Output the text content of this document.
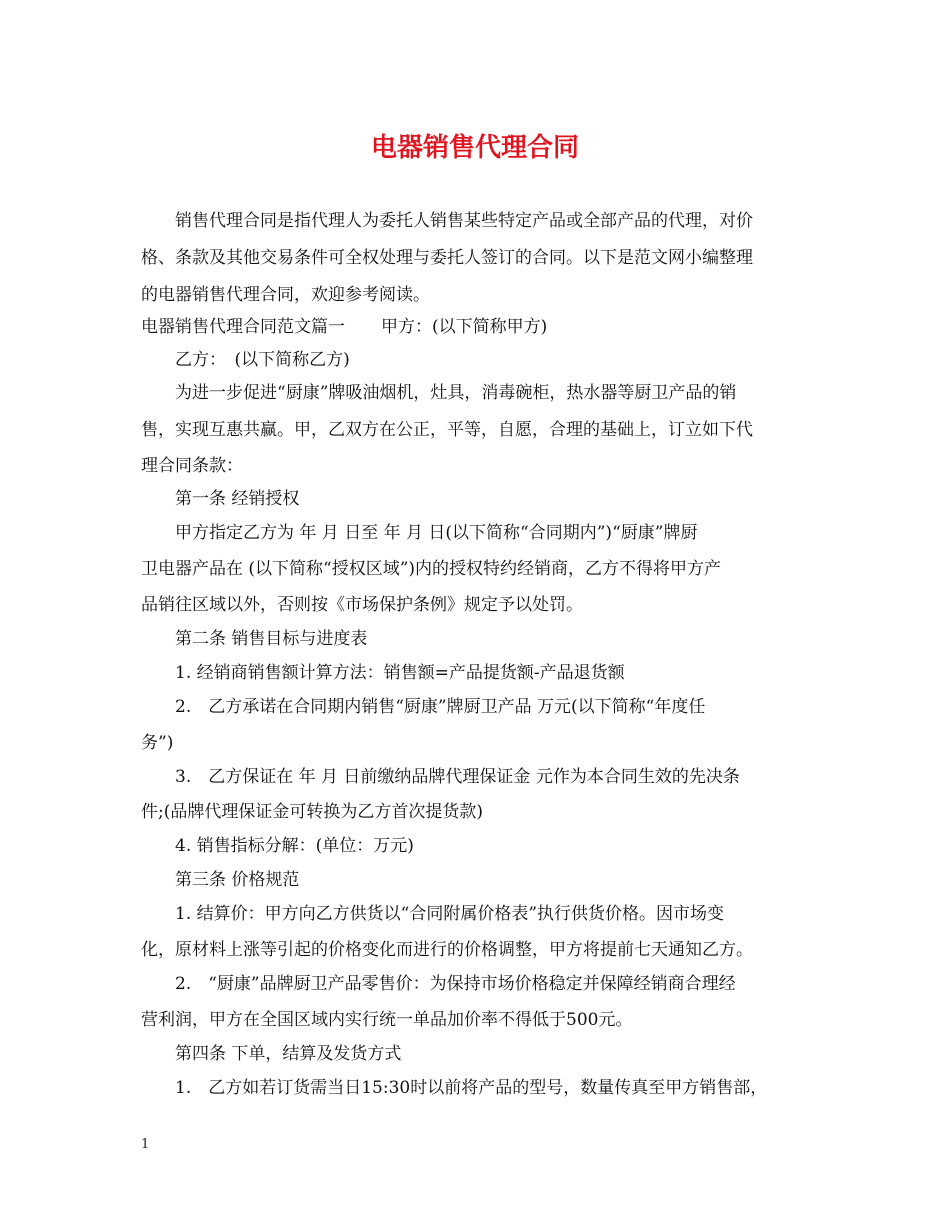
电器销售代理合同
　　销售代理合同是指代理人为委托人销售某些特定产品或全部产品的代理，对价
格、条款及其他交易条件可全权处理与委托人签订的合同。以下是范文网小编整理
的电器销售代理合同，欢迎参考阅读。
电器销售代理合同范文篇一 甲方：(以下简称甲方)
　　乙方：　(以下简称乙方)
　　为进一步促进“厨康”牌吸油烟机，灶具，消毒碗柜，热水器等厨卫产品的销
售，实现互惠共赢。甲，乙双方在公正，平等，自愿，合理的基础上，订立如下代
理合同条款：
　　第一条 经销授权
　　甲方指定乙方为 年 月 日至 年 月 日(以下简称“合同期内”)“厨康”牌厨
卫电器产品在 (以下简称“授权区域”)内的授权特约经销商，乙方不得将甲方产
品销往区域以外，否则按《市场保护条例》规定予以处罚。
　　第二条 销售目标与进度表
　　1. 经销商销售额计算方法：销售额=产品提货额-产品退货额
　　2.　乙方承诺在合同期内销售“厨康”牌厨卫产品 万元(以下简称“年度任
务”)
　　3.　乙方保证在 年 月 日前缴纳品牌代理保证金 元作为本合同生效的先决条
件;(品牌代理保证金可转换为乙方首次提货款)
　　4. 销售指标分解：(单位：万元)
　　第三条 价格规范
　　1. 结算价：甲方向乙方供货以“合同附属价格表”执行供货价格。因市场变
化，原材料上涨等引起的价格变化而进行的价格调整，甲方将提前七天通知乙方。
　　2.　“厨康”品牌厨卫产品零售价：为保持市场价格稳定并保障经销商合理经
营利润，甲方在全国区域内实行统一单品加价率不得低于500元。
　　第四条 下单，结算及发货方式
　　1.　乙方如若订货需当日15:30时以前将产品的型号，数量传真至甲方销售部，
1
